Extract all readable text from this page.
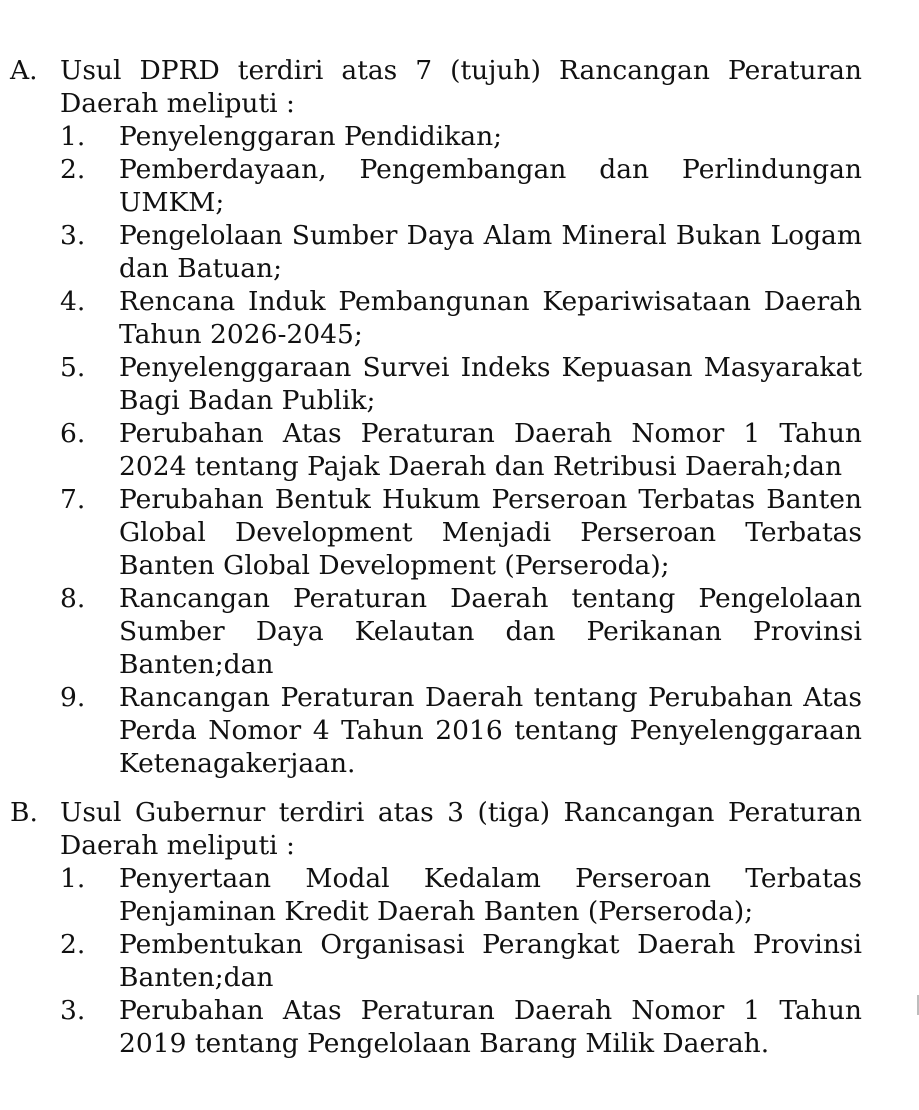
A. Usul DPRD terdiri atas 7 (tujuh) Rancangan Peraturan Daerah meliputi :
1. Penyelenggaran Pendidikan;
2. Pemberdayaan, Pengembangan dan Perlindungan UMKM;
3. Pengelolaan Sumber Daya Alam Mineral Bukan Logam dan Batuan;
4. Rencana Induk Pembangunan Kepariwisataan Daerah Tahun 2026-2045;
5. Penyelenggaraan Survei Indeks Kepuasan Masyarakat Bagi Badan Publik;
6. Perubahan Atas Peraturan Daerah Nomor 1 Tahun 2024 tentang Pajak Daerah dan Retribusi Daerah;dan
7. Perubahan Bentuk Hukum Perseroan Terbatas Banten Global Development Menjadi Perseroan Terbatas Banten Global Development (Perseroda);
8. Rancangan Peraturan Daerah tentang Pengelolaan Sumber Daya Kelautan dan Perikanan Provinsi Banten;dan
9. Rancangan Peraturan Daerah tentang Perubahan Atas Perda Nomor 4 Tahun 2016 tentang Penyelenggaraan Ketenagakerjaan.
B. Usul Gubernur terdiri atas 3 (tiga) Rancangan Peraturan Daerah meliputi :
1. Penyertaan Modal Kedalam Perseroan Terbatas Penjaminan Kredit Daerah Banten (Perseroda);
2. Pembentukan Organisasi Perangkat Daerah Provinsi Banten;dan
3. Perubahan Atas Peraturan Daerah Nomor 1 Tahun 2019 tentang Pengelolaan Barang Milik Daerah.
